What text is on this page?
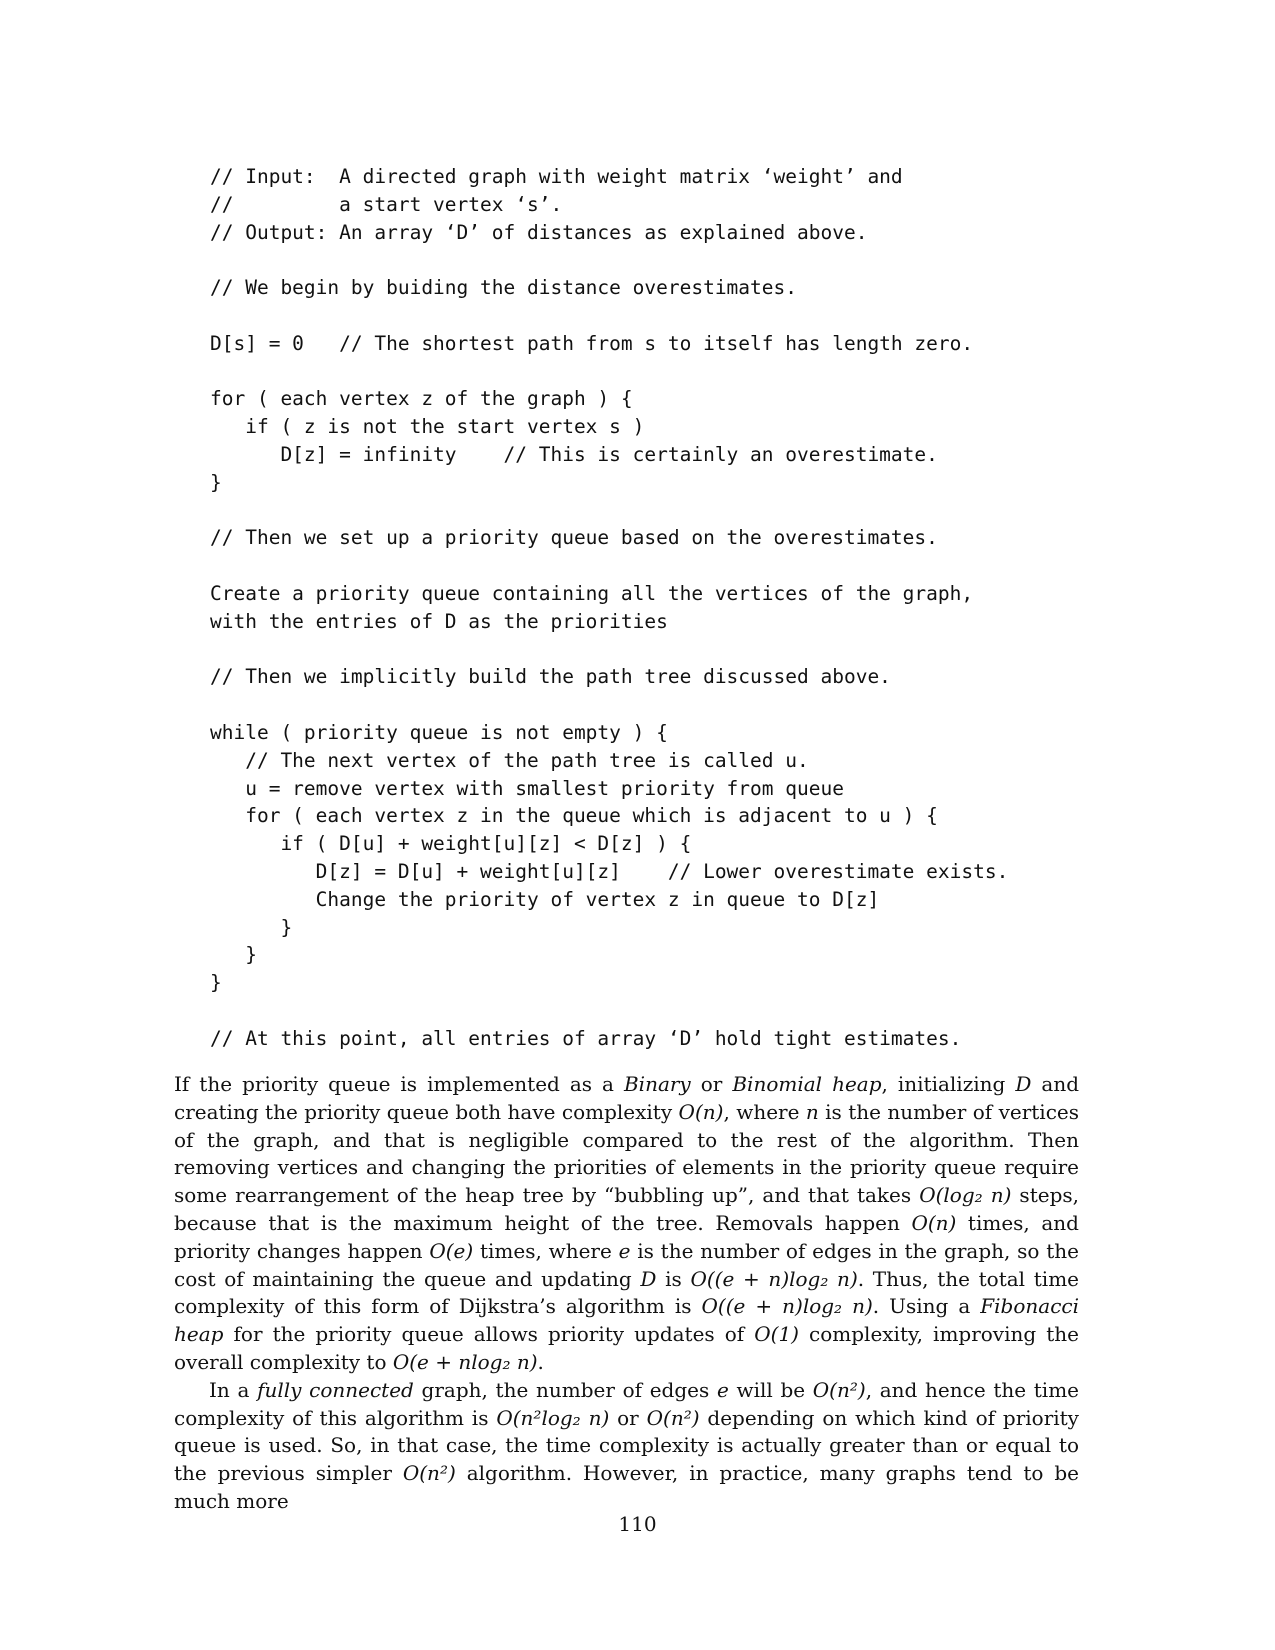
// Input:  A directed graph with weight matrix ‘weight’ and
//         a start vertex ‘s’.
// Output: An array ‘D’ of distances as explained above.
// We begin by buiding the distance overestimates.
D[s] = 0   // The shortest path from s to itself has length zero.
for ( each vertex z of the graph ) {
if ( z is not the start vertex s )
D[z] = infinity    // This is certainly an overestimate.
}
// Then we set up a priority queue based on the overestimates.
Create a priority queue containing all the vertices of the graph,
with the entries of D as the priorities
// Then we implicitly build the path tree discussed above.
while ( priority queue is not empty ) {
// The next vertex of the path tree is called u.
u = remove vertex with smallest priority from queue
for ( each vertex z in the queue which is adjacent to u ) {
if ( D[u] + weight[u][z] < D[z] ) {
D[z] = D[u] + weight[u][z]    // Lower overestimate exists.
Change the priority of vertex z in queue to D[z]
}
}
}
// At this point, all entries of array ‘D’ hold tight estimates.

If the priority queue is implemented as a Binary or Binomial heap, initializing D and creating the priority queue both have complexity O(n), where n is the number of vertices of the graph, and that is negligible compared to the rest of the algorithm. Then removing vertices and changing the priorities of elements in the priority queue require some rearrangement of the heap tree by “bubbling up”, and that takes O(log₂ n) steps, because that is the maximum height of the tree. Removals happen O(n) times, and priority changes happen O(e) times, where e is the number of edges in the graph, so the cost of maintaining the queue and updating D is O((e + n)log₂ n). Thus, the total time complexity of this form of Dijkstra’s algorithm is O((e + n)log₂ n). Using a Fibonacci heap for the priority queue allows priority updates of O(1) complexity, improving the overall complexity to O(e + nlog₂ n).

In a fully connected graph, the number of edges e will be O(n²), and hence the time complexity of this algorithm is O(n²log₂ n) or O(n²) depending on which kind of priority queue is used. So, in that case, the time complexity is actually greater than or equal to the previous simpler O(n²) algorithm. However, in practice, many graphs tend to be much more

110
